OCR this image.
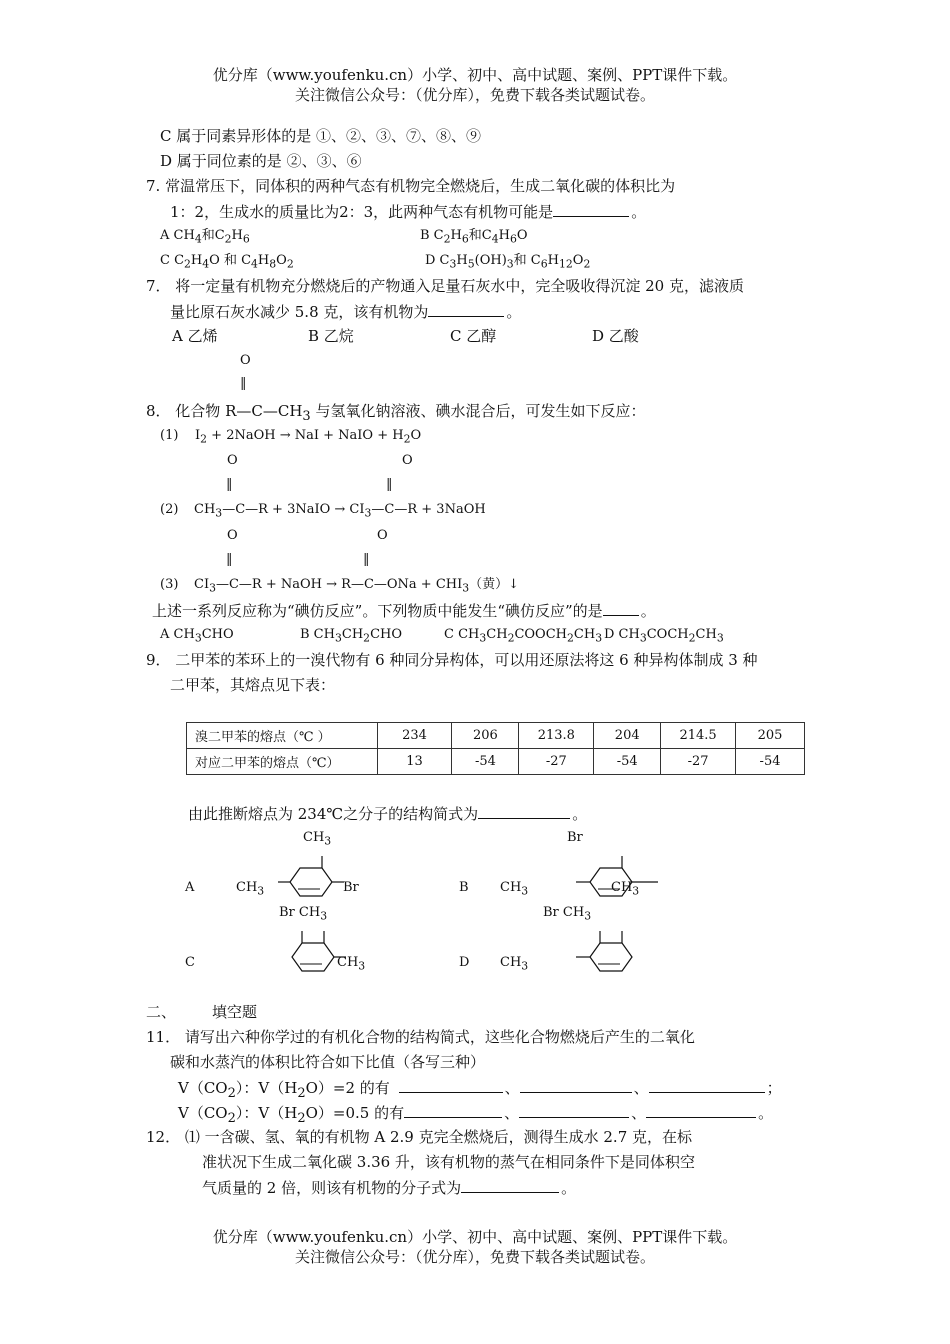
优分库（www.youfenku.cn）小学、初中、高中试题、案例、PPT课件下载。
关注微信公众号：（优分库），免费下载各类试题试卷。
C 属于同素异形体的是 ①、②、③、⑦、⑧、⑨
D 属于同位素的是 ②、③、⑥
7. 常温常压下，同体积的两种气态有机物完全燃烧后，生成二氧化碳的体积比为
1：2，生成水的质量比为2：3，此两种气态有机物可能是	。
A $CH_4$和$C_2H_6$	B $C_2H_6$和$C_4H_6O$
C $C_2H_4O$ 和 $C_4H_8O_2$	D $C_3H_5(OH)_3$和 $C_6H_{12}O_2$
7． 将一定量有机物充分燃烧后的产物通入足量石灰水中，完全吸收得沉淀 20 克，滤液质
量比原石灰水减少 5.8 克，该有机物为	。
A 乙烯	B 乙烷	C 乙醇	D 乙酸
O
‖
8． 化合物 $R—C—CH_3$ 与氢氧化钠溶液、碘水混合后，可发生如下反应：
(1) $I_2$ + 2NaOH → NaI + NaIO + $H_2O$
O	O
‖	‖
(2) $CH_3—C—R$ + 3NaIO → $CI_3—C—R$ + 3NaOH
O	O
‖	‖
(3) $CI_3—C—R$ + NaOH → R—C—ONa + $CHI_3$（黄）↓
上述一系列反应称为“碘仿反应”。下列物质中能发生“碘仿反应”的是	。
A $CH_3CHO$	B $CH_3CH_2CHO$	C $CH_3CH_2COOCH_2CH_3$ D $CH_3COCH_2CH_3$
9． 二甲苯的苯环上的一溴代物有 6 种同分异构体，可以用还原法将这 6 种异构体制成 3 种
二甲苯，其熔点见下表：
溴二甲苯的熔点（℃ ）	234	206	213.8	204	214.5	205
对应二甲苯的熔点（℃）	13	-54	-27	-54	-27	-54
由此推断熔点为 234℃之分子的结构简式为	。
$CH_3$
A	$CH_3$	Br
Br
B $CH_3$	$CH_3$
Br $CH_3$	Br $CH_3$
C	$CH_3$	D $CH_3$
二、 填空题
11． 请写出六种你学过的有机化合物的结构简式，这些化合物燃烧后产生的二氧化
碳和水蒸汽的体积比符合如下比值（各写三种）
$V(CO_2)$：$V(H_2O)=2$ 的有	、	、	；
$V(CO_2)$：$V(H_2O)=0.5$ 的有	、	、	。
12． ⑴ 一含碳、氢、氧的有机物 A 2.9 克完全燃烧后，测得生成水 2.7 克，在标
准状况下生成二氧化碳 3.36 升，该有机物的蒸气在相同条件下是同体积空
气质量的 2 倍，则该有机物的分子式为	。
优分库（www.youfenku.cn）小学、初中、高中试题、案例、PPT课件下载。
关注微信公众号：（优分库），免费下载各类试题试卷。
